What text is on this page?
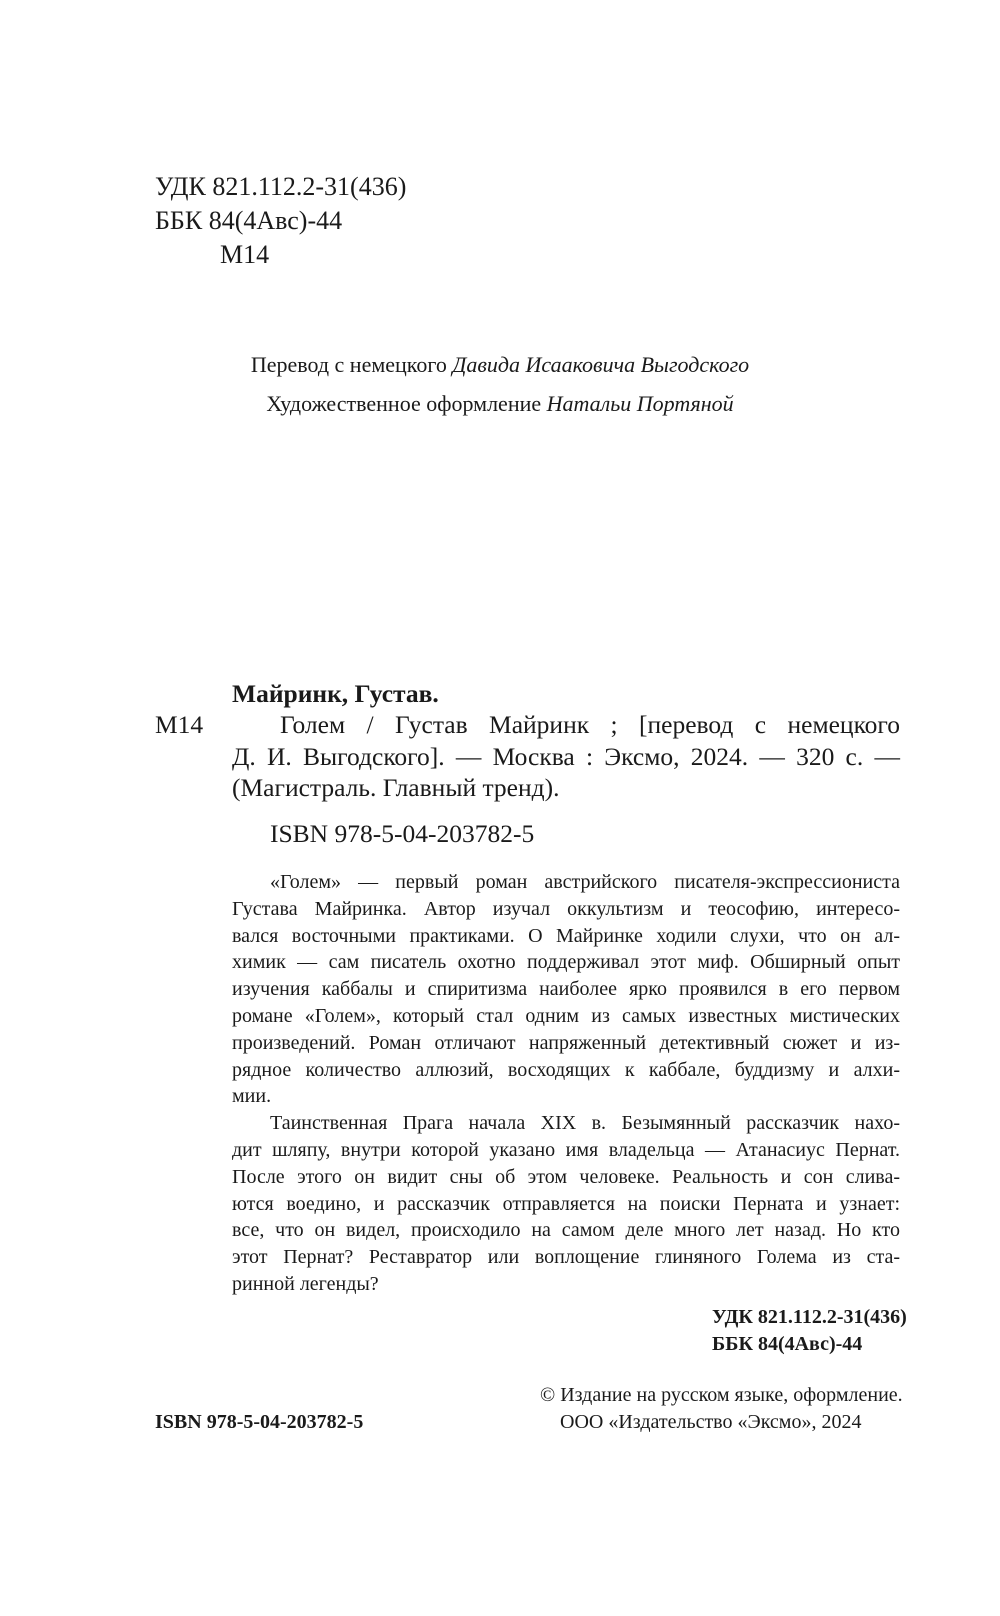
УДК 821.112.2-31(436)
ББК 84(4Авс)-44
М14
Перевод с немецкого Давида Исааковича Выгодского
Художественное оформление Натальи Портяной
Майринк, Густав.
М14	Голем / Густав Майринк ; [перевод с немецкого
Д. И. Выгодского]. — Москва : Эксмо, 2024. — 320 с. —
(Магистраль. Главный тренд).
ISBN 978-5-04-203782-5
«Голем» — первый роман австрийского писателя-экспрессиониста
Густава Майринка. Автор изучал оккультизм и теософию, интересо-
вался восточными практиками. О Майринке ходили слухи, что он ал-
химик — сам писатель охотно поддерживал этот миф. Обширный опыт
изучения каббалы и спиритизма наиболее ярко проявился в его первом
романе «Голем», который стал одним из самых известных мистических
произведений. Роман отличают напряженный детективный сюжет и из-
рядное количество аллюзий, восходящих к каббале, буддизму и алхи-
мии.
Таинственная Прага начала XIX в. Безымянный рассказчик нахо-
дит шляпу, внутри которой указано имя владельца — Атанасиус Пернат.
После этого он видит сны об этом человеке. Реальность и сон слива-
ются воедино, и рассказчик отправляется на поиски Перната и узнает:
все, что он видел, происходило на самом деле много лет назад. Но кто
этот Пернат? Реставратор или воплощение глиняного Голема из ста-
ринной легенды?
УДК 821.112.2-31(436)
ББК 84(4Авс)-44
ISBN 978-5-04-203782-5
© Издание на русском языке, оформление.
ООО «Издательство «Эксмо», 2024
